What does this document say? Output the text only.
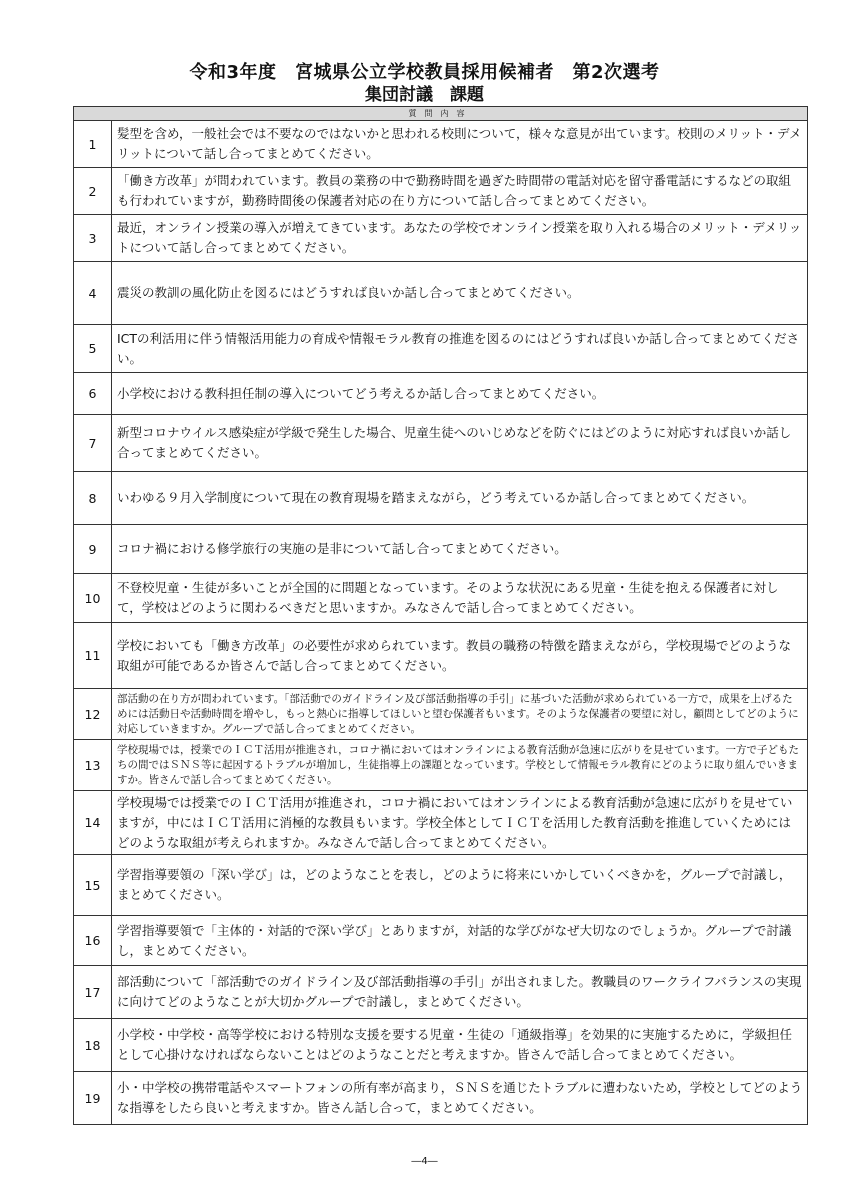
令和3年度　宮城県公立学校教員採用候補者　第2次選考
集団討議　課題
質問内容	
1	髪型を含め，一般社会では不要なのではないかと思われる校則について，様々な意見が出ています。校則のメリット・デメリットについて話し合ってまとめてください。
2	「働き方改革」が問われています。教員の業務の中で勤務時間を過ぎた時間帯の電話対応を留守番電話にするなどの取組も行われていますが，勤務時間後の保護者対応の在り方について話し合ってまとめてください。
3	最近，オンライン授業の導入が増えてきています。あなたの学校でオンライン授業を取り入れる場合のメリット・デメリットについて話し合ってまとめてください。
4	震災の教訓の風化防止を図るにはどうすれば良いか話し合ってまとめてください。
5	ICTの利活用に伴う情報活用能力の育成や情報モラル教育の推進を図るのにはどうすれば良いか話し合ってまとめてください。
6	小学校における教科担任制の導入についてどう考えるか話し合ってまとめてください。
7	新型コロナウイルス感染症が学級で発生した場合、児童生徒へのいじめなどを防ぐにはどのように対応すれば良いか話し合ってまとめてください。
8	いわゆる９月入学制度について現在の教育現場を踏まえながら，どう考えているか話し合ってまとめてください。
9	コロナ禍における修学旅行の実施の是非について話し合ってまとめてください。
10	不登校児童・生徒が多いことが全国的に問題となっています。そのような状況にある児童・生徒を抱える保護者に対して，学校はどのように関わるべきだと思いますか。みなさんで話し合ってまとめてください。
11	学校においても「働き方改革」の必要性が求められています。教員の職務の特徴を踏まえながら，学校現場でどのような取組が可能であるか皆さんで話し合ってまとめてください。
12	部活動の在り方が問われています。「部活動でのガイドライン及び部活動指導の手引」に基づいた活動が求められている一方で，成果を上げるためには活動日や活動時間を増やし，もっと熱心に指導してほしいと望む保護者もいます。そのような保護者の要望に対し，顧問としてどのように対応していきますか。グループで話し合ってまとめてください。
13	学校現場では，授業でのＩＣＴ活用が推進され，コロナ禍においてはオンラインによる教育活動が急速に広がりを見せています。一方で子どもたちの間ではＳＮＳ等に起因するトラブルが増加し，生徒指導上の課題となっています。学校として情報モラル教育にどのように取り組んでいきますか。皆さんで話し合ってまとめてください。
14	学校現場では授業でのＩＣＴ活用が推進され，コロナ禍においてはオンラインによる教育活動が急速に広がりを見せていますが，中にはＩＣＴ活用に消極的な教員もいます。学校全体としてＩＣＴを活用した教育活動を推進していくためにはどのような取組が考えられますか。みなさんで話し合ってまとめてください。
15	学習指導要領の「深い学び」は，どのようなことを表し，どのように将来にいかしていくべきかを，グループで討議し，まとめてください。
16	学習指導要領で「主体的・対話的で深い学び」とありますが，対話的な学びがなぜ大切なのでしょうか。グループで討議し，まとめてください。
17	部活動について「部活動でのガイドライン及び部活動指導の手引」が出されました。教職員のワークライフバランスの実現に向けてどのようなことが大切かグループで討議し，まとめてください。
18	小学校・中学校・高等学校における特別な支援を要する児童・生徒の「通級指導」を効果的に実施するために，学級担任として心掛けなければならないことはどのようなことだと考えますか。皆さんで話し合ってまとめてください。
19	小・中学校の携帯電話やスマートフォンの所有率が高まり，ＳＮＳを通じたトラブルに遭わないため，学校としてどのような指導をしたら良いと考えますか。皆さん話し合って，まとめてください。
―4―
